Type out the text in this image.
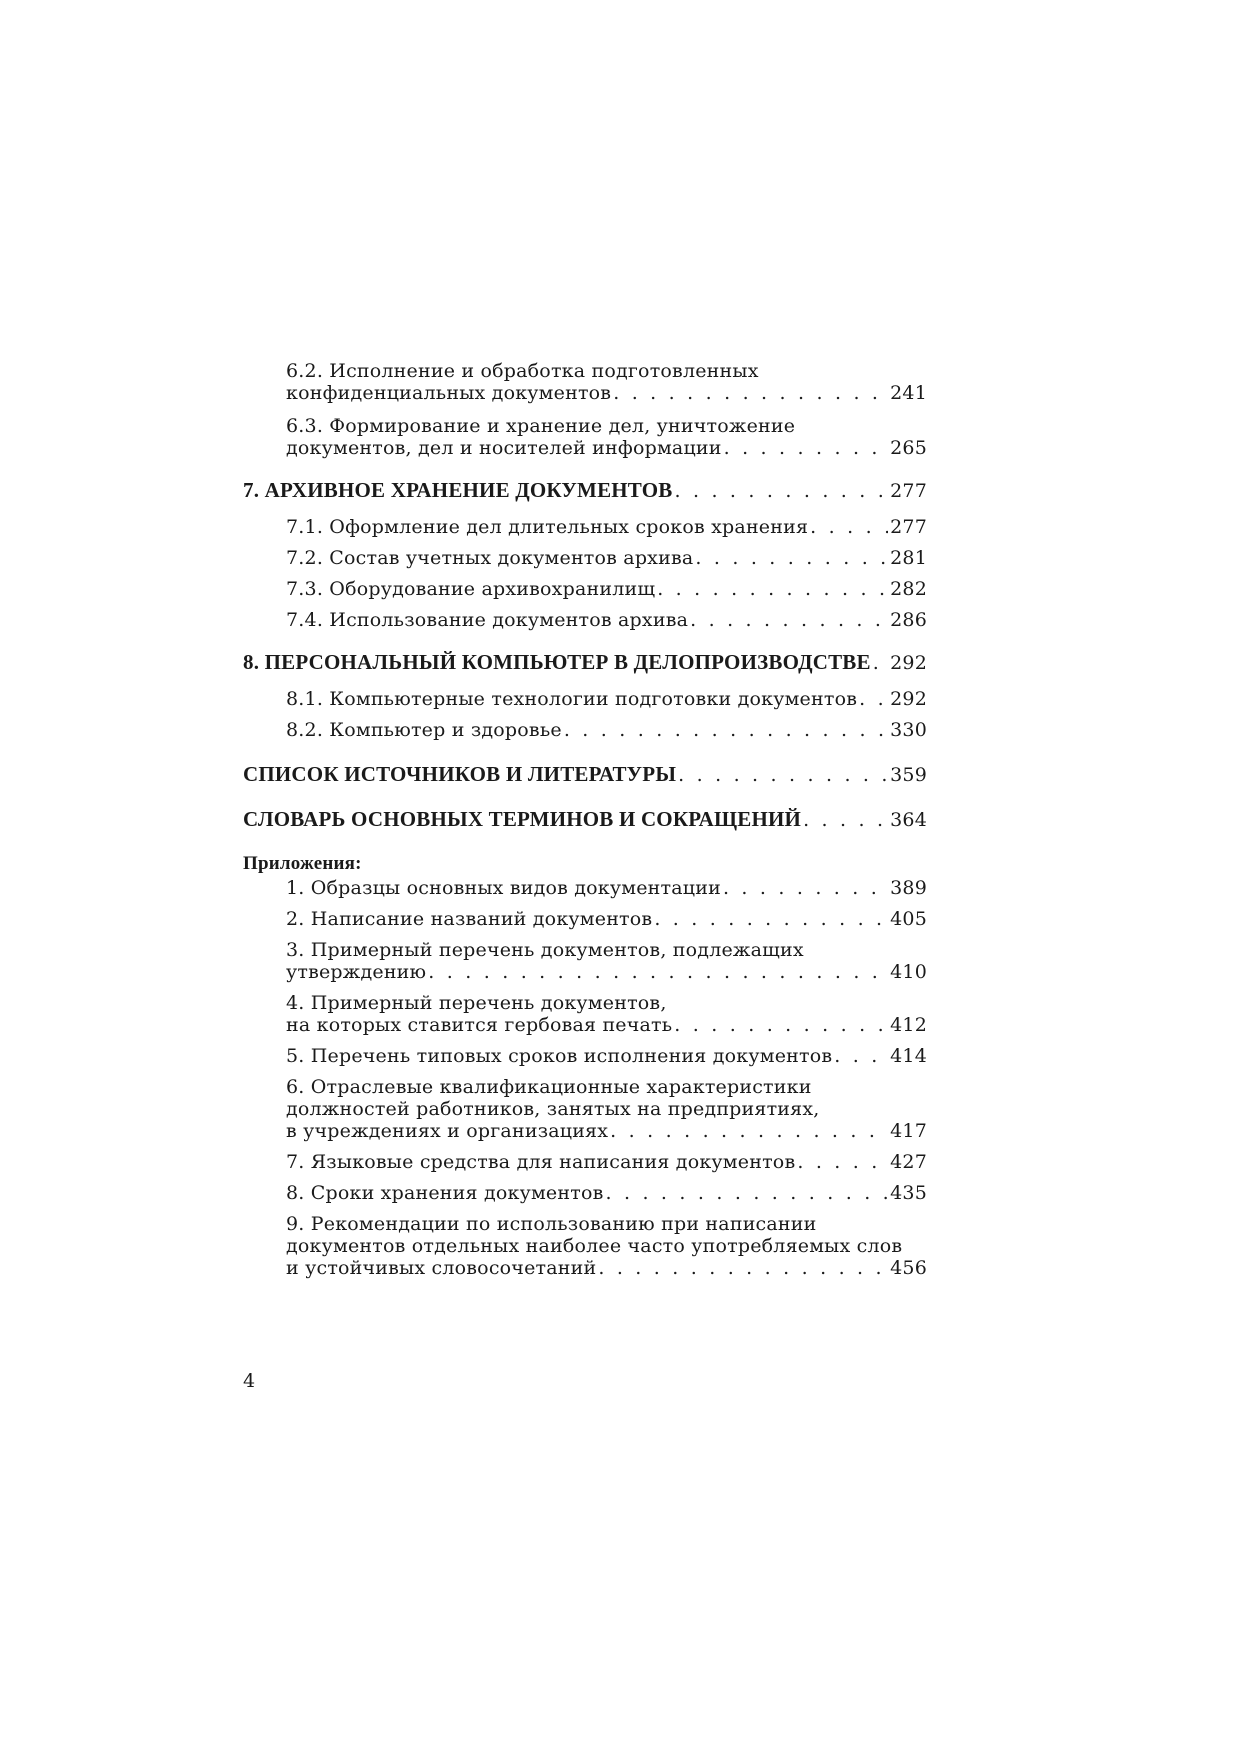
6.2. Исполнение и обработка подготовленных
конфиденциальных документов . . .	241
6.3. Формирование и хранение дел, уничтожение
документов, дел и носителей информации . . .	265
7. АРХИВНОЕ ХРАНЕНИЕ ДОКУМЕНТОВ . . .	277
7.1. Оформление дел длительных сроков хранения . . .	277
7.2. Состав учетных документов архива . . .	281
7.3. Оборудование архивохранилищ . . .	282
7.4. Использование документов архива . . .	286
8. ПЕРСОНАЛЬНЫЙ КОМПЬЮТЕР В ДЕЛОПРОИЗВОДСТВЕ . . . 292
8.1. Компьютерные технологии подготовки документов . . . 292
8.2. Компьютер и здоровье . . .	330
СПИСОК ИСТОЧНИКОВ И ЛИТЕРАТУРЫ . . .	359
СЛОВАРЬ ОСНОВНЫХ ТЕРМИНОВ И СОКРАЩЕНИЙ . . .	364
Приложения:
1. Образцы основных видов документации . . .	389
2. Написание названий документов . . .	405
3. Примерный перечень документов, подлежащих
утверждению . . .	410
4. Примерный перечень документов,
на которых ставится гербовая печать . . .	412
5. Перечень типовых сроков исполнения документов . . .	414
6. Отраслевые квалификационные характеристики
должностей работников, занятых на предприятиях,
в учреждениях и организациях . . .	417
7. Языковые средства для написания документов . . .	427
8. Сроки хранения документов . . .	435
9. Рекомендации по использованию при написании
документов отдельных наиболее часто употребляемых слов
и устойчивых словосочетаний . . .	456
4
